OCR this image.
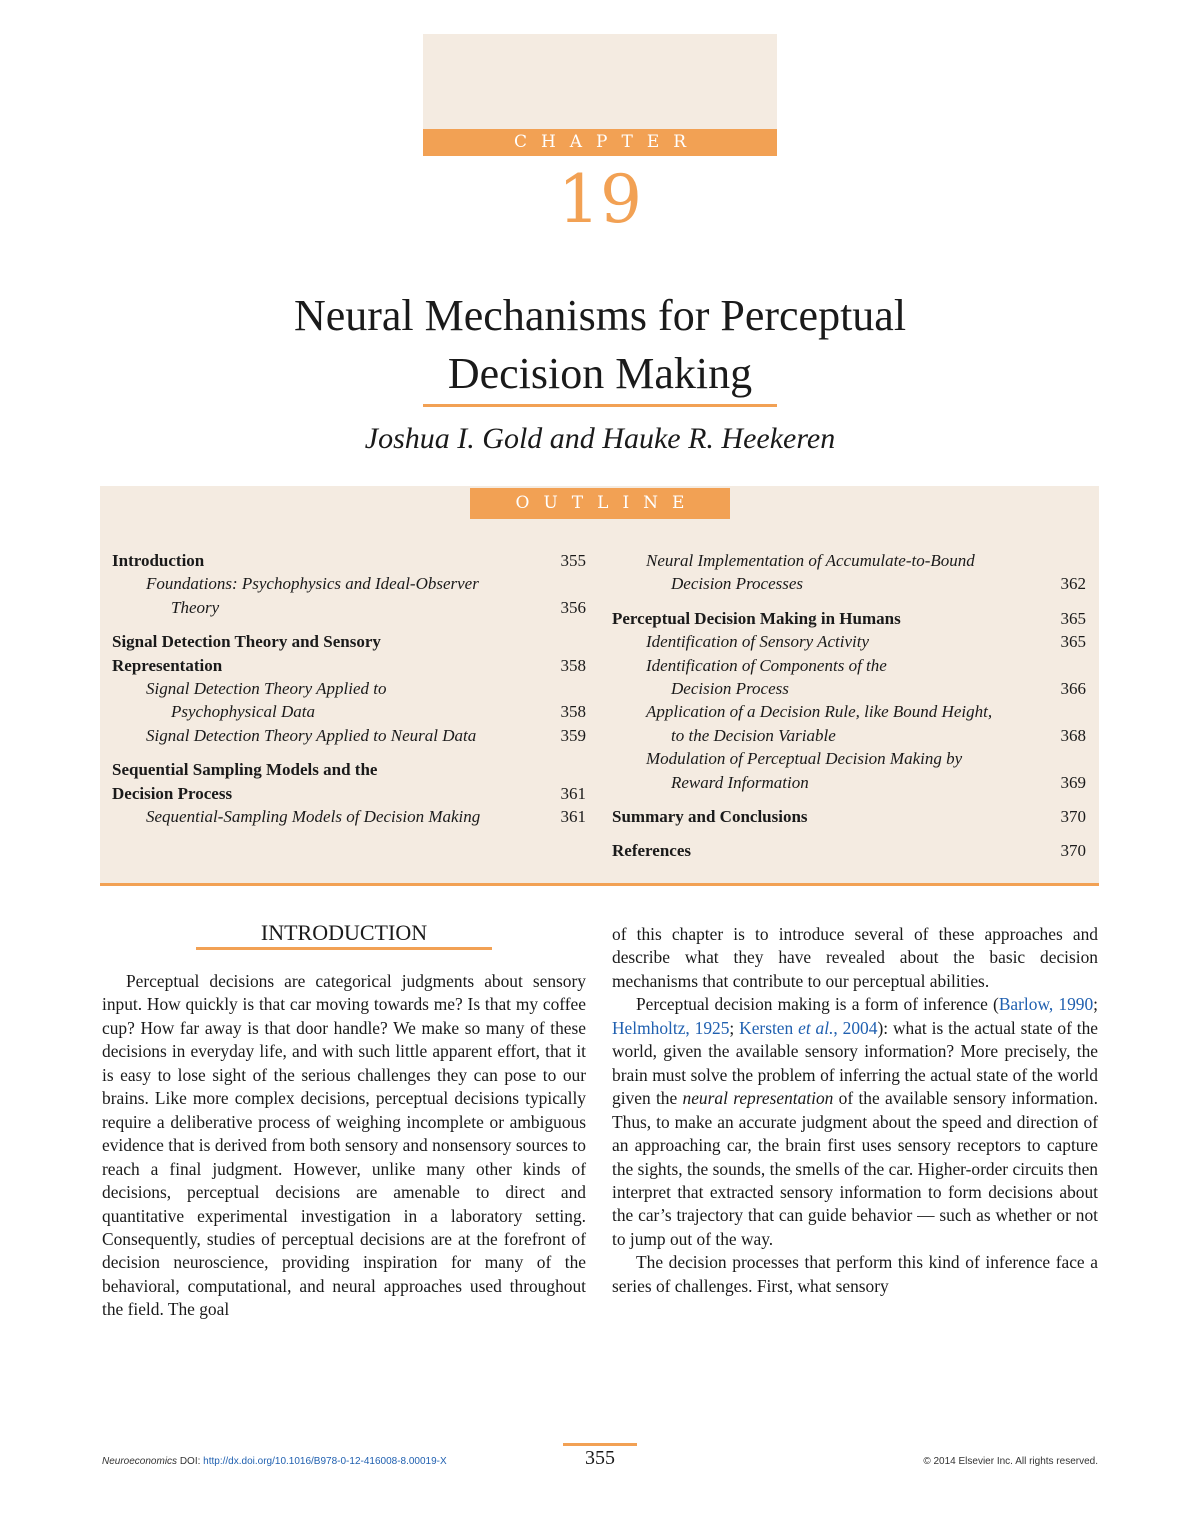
CHAPTER
19
Neural Mechanisms for Perceptual
Decision Making
Joshua I. Gold and Hauke R. Heekeren
OUTLINE
Introduction	355
Foundations: Psychophysics and Ideal-Observer
Theory	356
Signal Detection Theory and Sensory
Representation	358
Signal Detection Theory Applied to
Psychophysical Data	358
Signal Detection Theory Applied to Neural Data	359
Sequential Sampling Models and the
Decision Process	361
Sequential-Sampling Models of Decision Making	361
Neural Implementation of Accumulate-to-Bound
Decision Processes	362
Perceptual Decision Making in Humans	365
Identification of Sensory Activity	365
Identification of Components of the
Decision Process	366
Application of a Decision Rule, like Bound Height,
to the Decision Variable	368
Modulation of Perceptual Decision Making by
Reward Information	369
Summary and Conclusions	370
References	370
INTRODUCTION

Perceptual decisions are categorical judgments about sensory input. How quickly is that car moving towards me? Is that my coffee cup? How far away is that door handle? We make so many of these decisions in everyday life, and with such little apparent effort, that it is easy to lose sight of the serious challenges they can pose to our brains. Like more complex decisions, perceptual decisions typically require a deliberative process of weighing incomplete or ambiguous evidence that is derived from both sensory and nonsensory sources to reach a final judgment. However, unlike many other kinds of decisions, perceptual decisions are amenable to direct and quantitative experimental investigation in a laboratory setting. Consequently, studies of perceptual decisions are at the forefront of decision neuroscience, providing inspiration for many of the behavioral, computational, and neural approaches used throughout the field. The goal

of this chapter is to introduce several of these approaches and describe what they have revealed about the basic decision mechanisms that contribute to our perceptual abilities.

Perceptual decision making is a form of inference (Barlow, 1990; Helmholtz, 1925; Kersten et al., 2004): what is the actual state of the world, given the available sensory information? More precisely, the brain must solve the problem of inferring the actual state of the world given the neural representation of the available sensory information. Thus, to make an accurate judgment about the speed and direction of an approaching car, the brain first uses sensory receptors to capture the sights, the sounds, the smells of the car. Higher-order circuits then interpret that extracted sensory information to form decisions about the car’s trajectory that can guide behavior — such as whether or not to jump out of the way.

The decision processes that perform this kind of inference face a series of challenges. First, what sensory

355
Neuroeconomics DOI: http://dx.doi.org/10.1016/B978-0-12-416008-8.00019-X	© 2014 Elsevier Inc. All rights reserved.
